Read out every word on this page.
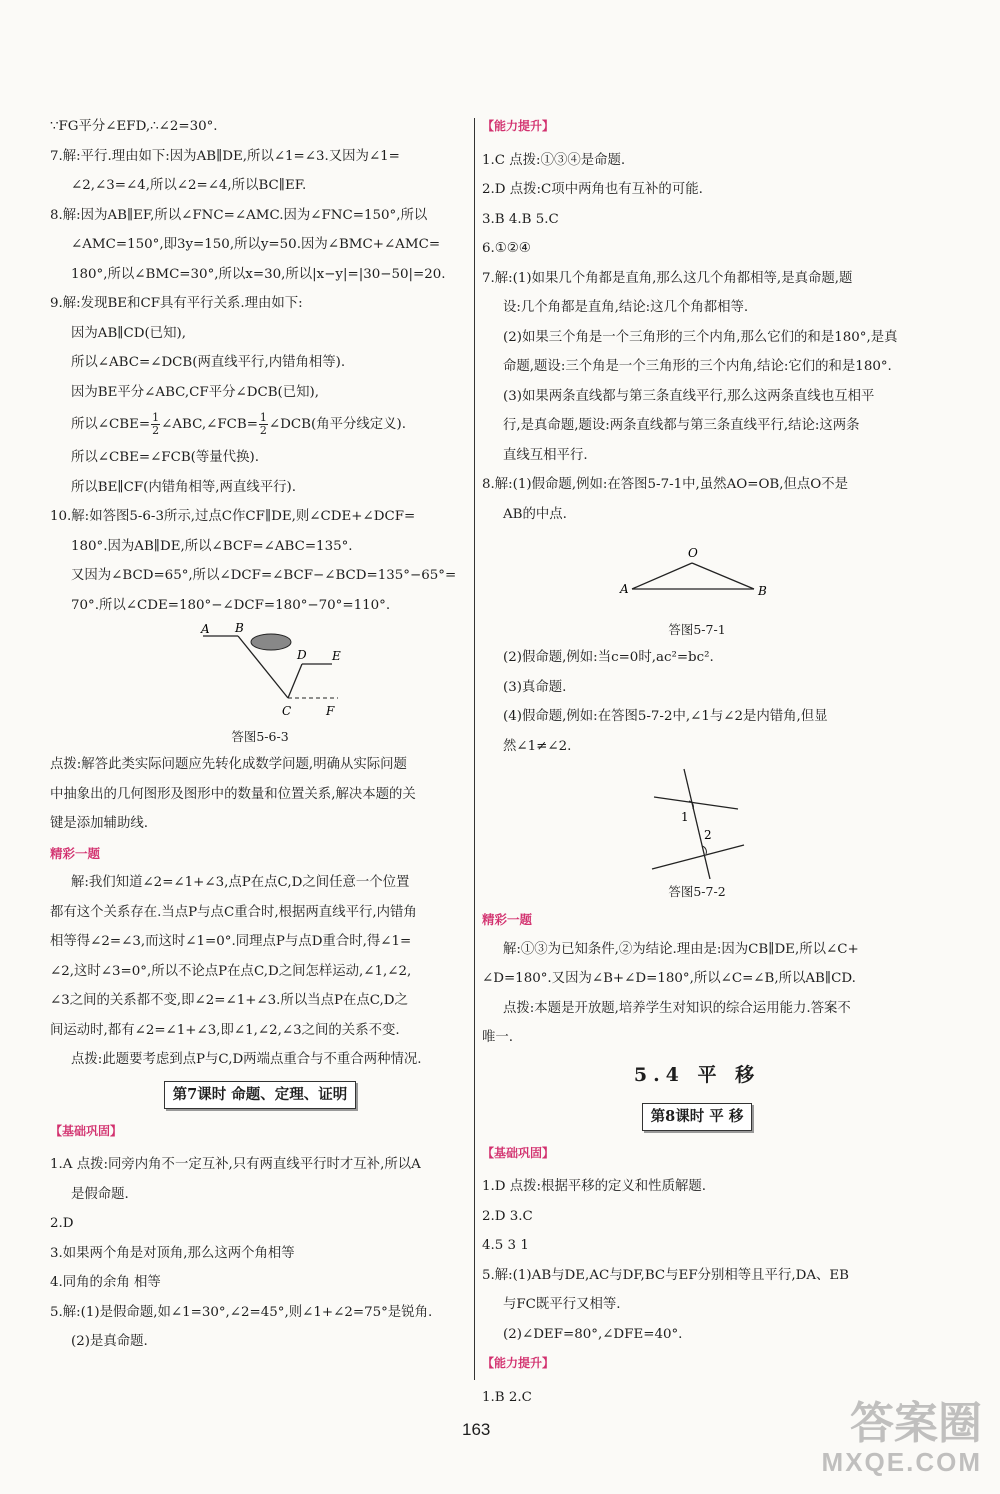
∵FG平分∠EFD,∴∠2=30°.
7.解:平行.理由如下:因为AB∥DE,所以∠1=∠3.又因为∠1=
∠2,∠3=∠4,所以∠2=∠4,所以BC∥EF.
8.解:因为AB∥EF,所以∠FNC=∠AMC.因为∠FNC=150°,所以
∠AMC=150°,即3y=150,所以y=50.因为∠BMC+∠AMC=
180°,所以∠BMC=30°,所以x=30,所以|x−y|=|30−50|=20.
9.解:发现BE和CF具有平行关系.理由如下:
因为AB∥CD(已知),
所以∠ABC=∠DCB(两直线平行,内错角相等).
因为BE平分∠ABC,CF平分∠DCB(已知),
所以∠CBE= $\frac{1}{2}$ ∠ABC,∠FCB= $\frac{1}{2}$ ∠DCB(角平分线定义).
所以∠CBE=∠FCB(等量代换).
所以BE∥CF(内错角相等,两直线平行).
10.解:如答图5-6-3所示,过点C作CF∥DE,则∠CDE+∠DCF=
180°.因为AB∥DE,所以∠BCF=∠ABC=135°.
又因为∠BCD=65°,所以∠DCF=∠BCF−∠BCD=135°−65°=
70°.所以∠CDE=180°−∠DCF=180°−70°=110°.
A B
D E
C	F
答图5-6-3
点拨:解答此类实际问题应先转化成数学问题,明确从实际问题
中抽象出的几何图形及图形中的数量和位置关系,解决本题的关
键是添加辅助线.
精彩一题
解:我们知道∠2=∠1+∠3,点P在点C,D之间任意一个位置
都有这个关系存在.当点P与点C重合时,根据两直线平行,内错角
相等得∠2=∠3,而这时∠1=0°.同理点P与点D重合时,得∠1=
∠2,这时∠3=0°,所以不论点P在点C,D之间怎样运动,∠1,∠2,
∠3之间的关系都不变,即∠2=∠1+∠3.所以当点P在点C,D之
间运动时,都有∠2=∠1+∠3,即∠1,∠2,∠3之间的关系不变.
点拨:此题要考虑到点P与C,D两端点重合与不重合两种情况.
第7课时 命题、定理、证明
【基础巩固】
1.A 点拨:同旁内角不一定互补,只有两直线平行时才互补,所以A
是假命题.
2.D
3.如果两个角是对顶角,那么这两个角相等
4.同角的余角 相等
5.解:(1)是假命题,如∠1=30°,∠2=45°,则∠1+∠2=75°是锐角.
(2)是真命题.
【能力提升】
1.C 点拨:①③④是命题.
2.D 点拨:C项中两角也有互补的可能.
3.B 4.B 5.C
6.①②④
7.解:(1)如果几个角都是直角,那么这几个角都相等,是真命题,题
设:几个角都是直角,结论:这几个角都相等.
(2)如果三个角是一个三角形的三个内角,那么它们的和是180°,是真
命题,题设:三个角是一个三角形的三个内角,结论:它们的和是180°.
(3)如果两条直线都与第三条直线平行,那么这两条直线也互相平
行,是真命题,题设:两条直线都与第三条直线平行,结论:这两条
直线互相平行.
8.解:(1)假命题,例如:在答图5-7-1中,虽然AO=OB,但点O不是
AB的中点.
O
A	B
答图5-7-1
(2)假命题,例如:当c=0时,ac²=bc².
(3)真命题.
(4)假命题,例如:在答图5-7-2中,∠1与∠2是内错角,但显
然∠1≠∠2.
1
2
答图5-7-2
精彩一题
解:①③为已知条件,②为结论.理由是:因为CB∥DE,所以∠C+
∠D=180°.又因为∠B+∠D=180°,所以∠C=∠B,所以AB∥CD.
点拨:本题是开放题,培养学生对知识的综合运用能力.答案不
唯一.
5.4 平 移
第8课时 平 移
【基础巩固】
1.D 点拨:根据平移的定义和性质解题.
2.D 3.C
4.5 3 1
5.解:(1)AB与DE,AC与DF,BC与EF分别相等且平行,DA、EB
与FC既平行又相等.
(2)∠DEF=80°,∠DFE=40°.
【能力提升】
1.B 2.C
163	答案圈
MXQE.COM
